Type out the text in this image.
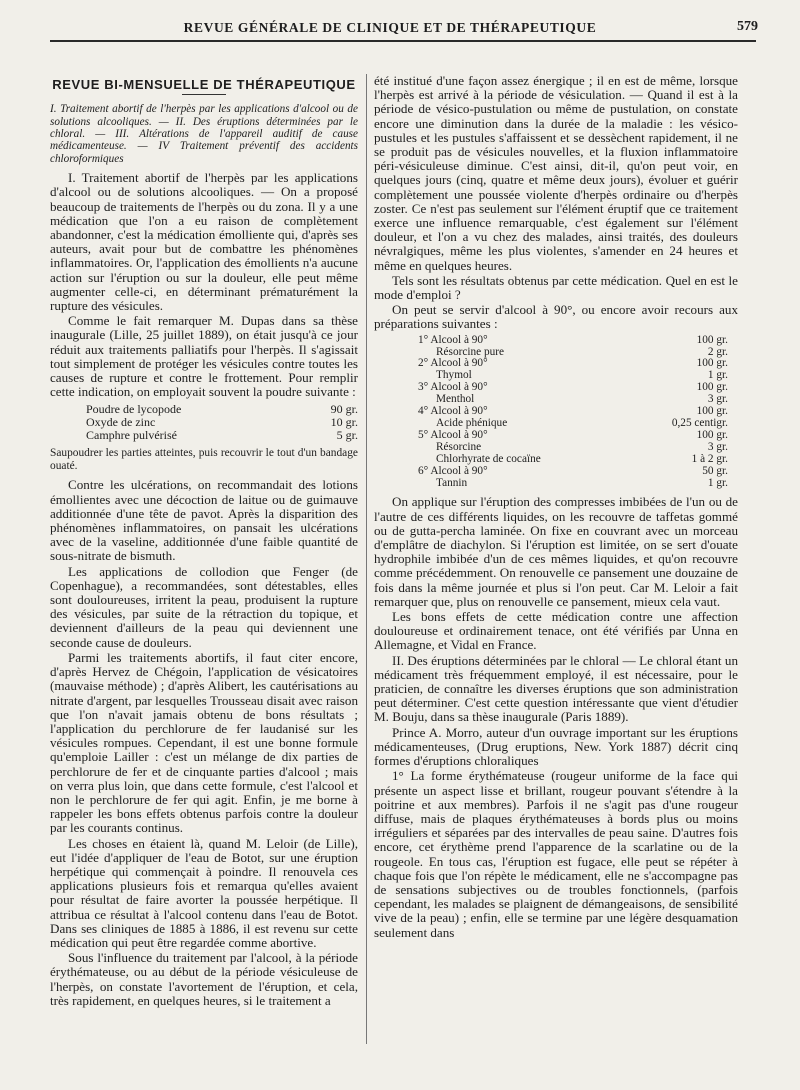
REVUE GÉNÉRALE DE CLINIQUE ET DE THÉRAPEUTIQUE	579
REVUE BI-MENSUELLE DE THÉRAPEUTIQUE

I. Traitement abortif de l'herpès par les applications d'alcool ou de solutions alcooliques. — II. Des éruptions déterminées par le chloral. — III. Altérations de l'appareil auditif de cause médicamenteuse. — IV Traitement préventif des accidents chloroformiques

I. Traitement abortif de l'herpès par les applications d'alcool ou de solutions alcooliques. — On a proposé beaucoup de traitements de l'herpès ou du zona. Il y a une médication que l'on a eu raison de complètement abandonner, c'est la médication émolliente qui, d'après ses auteurs, avait pour but de combattre les phénomènes inflammatoires. Or, l'application des émollients n'a aucune action sur l'éruption ou sur la douleur, elle peut même augmenter celle-ci, en déterminant prématurément la rupture des vésicules.

Comme le fait remarquer M. Dupas dans sa thèse inaugurale (Lille, 25 juillet 1889), on était jusqu'à ce jour réduit aux traitements palliatifs pour l'herpès. Il s'agissait tout simplement de protéger les vésicules contre toutes les causes de rupture et contre le frottement. Pour remplir cette indication, on employait souvent la poudre suivante :

Poudre de lycopode	90 gr.
Oxyde de zinc	10 gr.
Camphre pulvérisé	5 gr.

Saupoudrer les parties atteintes, puis recouvrir le tout d'un bandage ouaté.

Contre les ulcérations, on recommandait des lotions émollientes avec une décoction de laitue ou de guimauve additionnée d'une tête de pavot. Après la disparition des phénomènes inflammatoires, on pansait les ulcérations avec de la vaseline, additionnée d'une faible quantité de sous-nitrate de bismuth.

Les applications de collodion que Fenger (de Copenhague), a recommandées, sont détestables, elles sont douloureuses, irritent la peau, produisent la rupture des vésicules, par suite de la rétraction du topique, et deviennent d'ailleurs de la peau qui deviennent une seconde cause de douleurs.

Parmi les traitements abortifs, il faut citer encore, d'après Hervez de Chégoin, l'application de vésicatoires (mauvaise méthode) ; d'après Alibert, les cautérisations au nitrate d'argent, par lesquelles Trousseau disait avec raison que l'on n'avait jamais obtenu de bons résultats ; l'application du perchlorure de fer laudanisé sur les vésicules rompues. Cependant, il est une bonne formule qu'emploie Lailler : c'est un mélange de dix parties de perchlorure de fer et de cinquante parties d'alcool ; mais on verra plus loin, que dans cette formule, c'est l'alcool et non le perchlorure de fer qui agit. Enfin, je me borne à rappeler les bons effets obtenus parfois contre la douleur par les courants continus.

Les choses en étaient là, quand M. Leloir (de Lille), eut l'idée d'appliquer de l'eau de Botot, sur une éruption herpétique qui commençait à poindre. Il renouvela ces applications plusieurs fois et remarqua qu'elles avaient pour résultat de faire avorter la poussée herpétique. Il attribua ce résultat à l'alcool contenu dans l'eau de Botot. Dans ses cliniques de 1885 à 1886, il est revenu sur cette médication qui peut être regardée comme abortive.

Sous l'influence du traitement par l'alcool, à la période érythémateuse, ou au début de la période vésiculeuse de l'herpès, on constate l'avortement de l'éruption, et cela, très rapidement, en quelques heures, si le traitement a

été institué d'une façon assez énergique ; il en est de même, lorsque l'herpès est arrivé à la période de vésiculation. — Quand il est à la période de vésico-pustulation ou même de pustulation, on constate encore une diminution dans la durée de la maladie : les vésico-pustules et les pustules s'affaissent et se dessèchent rapidement, il ne se produit pas de vésicules nouvelles, et la fluxion inflammatoire péri-vésiculeuse diminue. C'est ainsi, dit-il, qu'on peut voir, en quelques jours (cinq, quatre et même deux jours), évoluer et guérir complètement une poussée violente d'herpès ordinaire ou d'herpès zoster. Ce n'est pas seulement sur l'élément éruptif que ce traitement exerce une influence remarquable, c'est également sur l'élément douleur, et l'on a vu chez des malades, ainsi traités, des douleurs névralgiques, même les plus violentes, s'amender en 24 heures et même en quelques heures.

Tels sont les résultats obtenus par cette médication. Quel en est le mode d'emploi ?

On peut se servir d'alcool à 90°, ou encore avoir recours aux préparations suivantes :

1° Alcool à 90°	100 gr.
Résorcine pure	2 gr.
2° Alcool à 90°	100 gr.
Thymol	1 gr.
3° Alcool à 90°	100 gr.
Menthol	3 gr.
4° Alcool à 90°	100 gr.
Acide phénique	0,25 centigr.
5° Alcool à 90°	100 gr.
Résorcine	3 gr.
Chlorhyrate de cocaïne	1 à 2 gr.
6° Alcool à 90°	50 gr.
Tannin	1 gr.

On applique sur l'éruption des compresses imbibées de l'un ou de l'autre de ces différents liquides, on les recouvre de taffetas gommé ou de gutta-percha laminée. On fixe en couvrant avec un morceau d'emplâtre de diachylon. Si l'éruption est limitée, on se sert d'ouate hydrophile imbibée d'un de ces mêmes liquides, et qu'on recouvre comme précédemment. On renouvelle ce pansement une douzaine de fois dans la même journée et plus si l'on peut. Car M. Leloir a fait remarquer que, plus on renouvelle ce pansement, mieux cela vaut.

Les bons effets de cette médication contre une affection douloureuse et ordinairement tenace, ont été vérifiés par Unna en Allemagne, et Vidal en France.

II. Des éruptions déterminées par le chloral — Le chloral étant un médicament très fréquemment employé, il est nécessaire, pour le praticien, de connaître les diverses éruptions que son administration peut déterminer. C'est cette question intéressante que vient d'étudier M. Bouju, dans sa thèse inaugurale (Paris 1889).

Prince A. Morro, auteur d'un ouvrage important sur les éruptions médicamenteuses, (Drug eruptions, New. York 1887) décrit cinq formes d'éruptions chloraliques

1° La forme érythémateuse (rougeur uniforme de la face qui présente un aspect lisse et brillant, rougeur pouvant s'étendre à la poitrine et aux membres). Parfois il ne s'agit pas d'une rougeur diffuse, mais de plaques érythémateuses à bords plus ou moins irréguliers et séparées par des intervalles de peau saine. D'autres fois encore, cet érythème prend l'apparence de la scarlatine ou de la rougeole. En tous cas, l'éruption est fugace, elle peut se répéter à chaque fois que l'on répète le médicament, elle ne s'accompagne pas de sensations subjectives ou de troubles fonctionnels, (parfois cependant, les malades se plaignent de démangeaisons, de sensibilité vive de la peau) ; enfin, elle se termine par une légère desquamation seulement dans
